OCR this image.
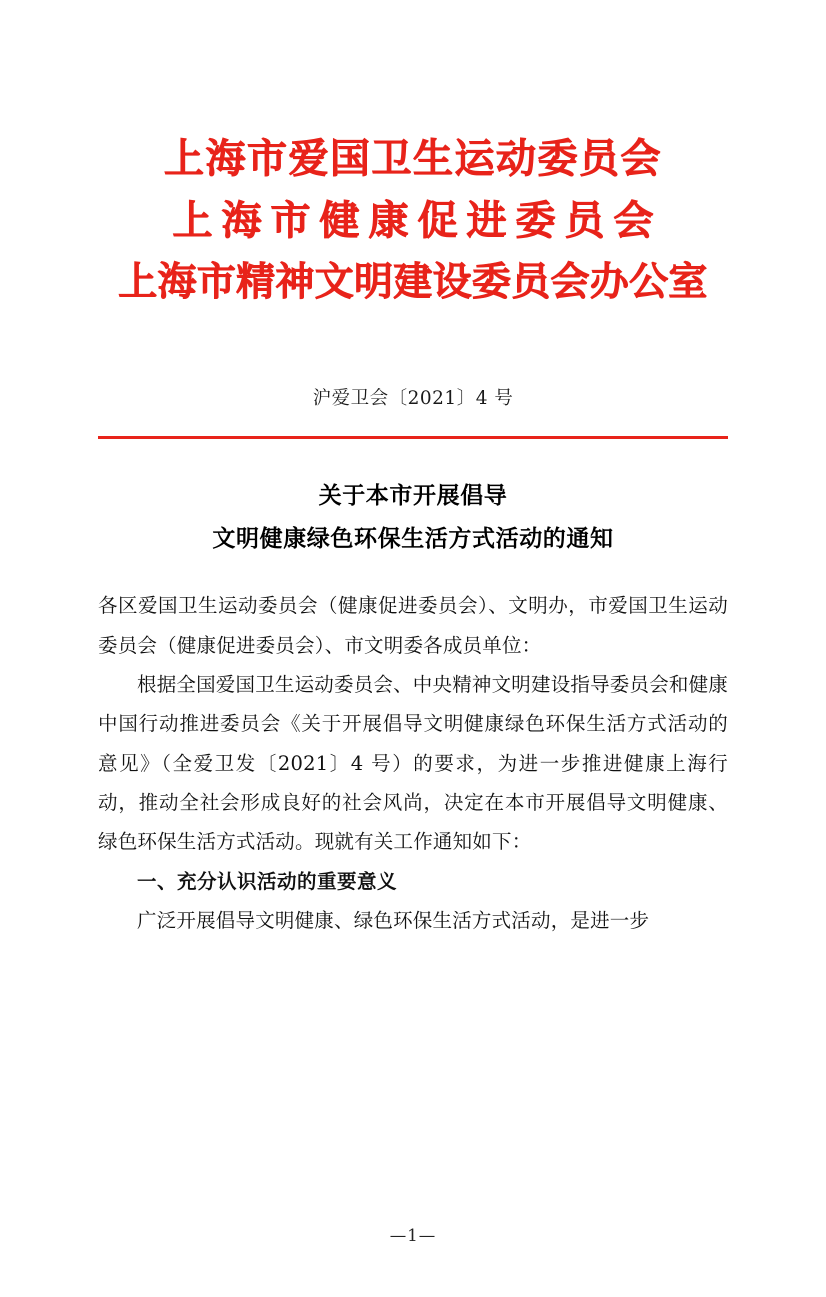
上海市爱国卫生运动委员会
上海市健康促进委员会
上海市精神文明建设委员会办公室
沪爱卫会〔2021〕4 号
关于本市开展倡导
文明健康绿色环保生活方式活动的通知

各区爱国卫生运动委员会（健康促进委员会）、文明办，市爱国卫生运动委员会（健康促进委员会）、市文明委各成员单位：

根据全国爱国卫生运动委员会、中央精神文明建设指导委员会和健康中国行动推进委员会《关于开展倡导文明健康绿色环保生活方式活动的意见》（全爱卫发〔2021〕4 号）的要求，为进一步推进健康上海行动，推动全社会形成良好的社会风尚，决定在本市开展倡导文明健康、绿色环保生活方式活动。现就有关工作通知如下：

一、充分认识活动的重要意义

广泛开展倡导文明健康、绿色环保生活方式活动，是进一步

—1—
